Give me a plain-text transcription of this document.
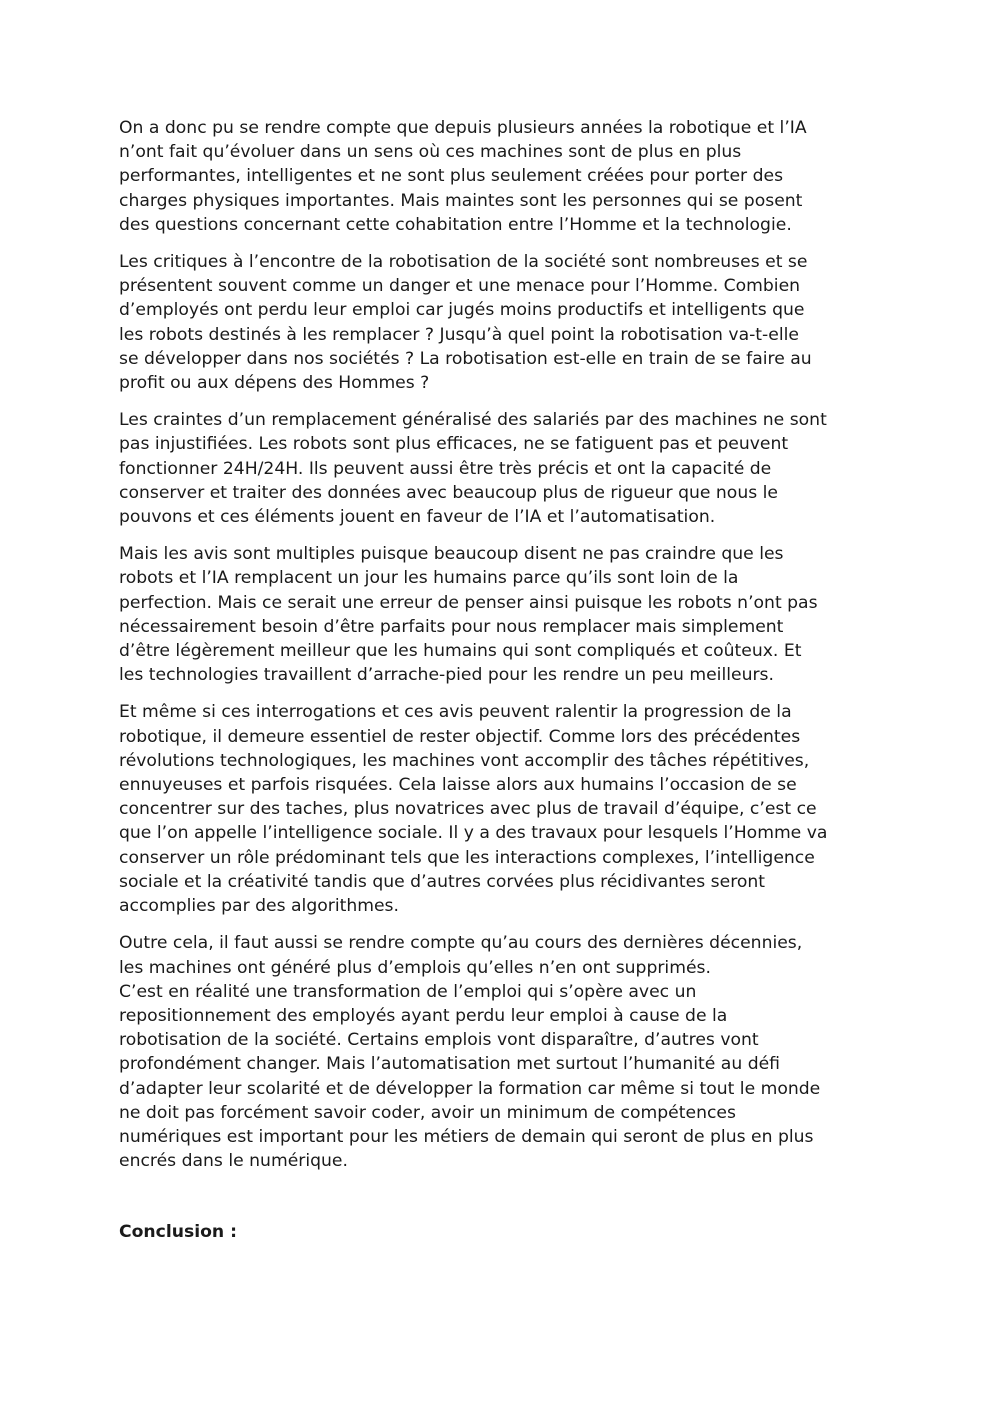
On a donc pu se rendre compte que depuis plusieurs années la robotique et l’IA
n’ont fait qu’évoluer dans un sens où ces machines sont de plus en plus
performantes, intelligentes et ne sont plus seulement créées pour porter des
charges physiques importantes. Mais maintes sont les personnes qui se posent
des questions concernant cette cohabitation entre l’Homme et la technologie.

Les critiques à l’encontre de la robotisation de la société sont nombreuses et se
présentent souvent comme un danger et une menace pour l’Homme. Combien
d’employés ont perdu leur emploi car jugés moins productifs et intelligents que
les robots destinés à les remplacer ? Jusqu’à quel point la robotisation va-t-elle
se développer dans nos sociétés ? La robotisation est-elle en train de se faire au
profit ou aux dépens des Hommes ?

Les craintes d’un remplacement généralisé des salariés par des machines ne sont
pas injustifiées. Les robots sont plus efficaces, ne se fatiguent pas et peuvent
fonctionner 24H/24H. Ils peuvent aussi être très précis et ont la capacité de
conserver et traiter des données avec beaucoup plus de rigueur que nous le
pouvons et ces éléments jouent en faveur de l’IA et l’automatisation.

Mais les avis sont multiples puisque beaucoup disent ne pas craindre que les
robots et l’IA remplacent un jour les humains parce qu’ils sont loin de la
perfection. Mais ce serait une erreur de penser ainsi puisque les robots n’ont pas
nécessairement besoin d’être parfaits pour nous remplacer mais simplement
d’être légèrement meilleur que les humains qui sont compliqués et coûteux. Et
les technologies travaillent d’arrache-pied pour les rendre un peu meilleurs.

Et même si ces interrogations et ces avis peuvent ralentir la progression de la
robotique, il demeure essentiel de rester objectif. Comme lors des précédentes
révolutions technologiques, les machines vont accomplir des tâches répétitives,
ennuyeuses et parfois risquées. Cela laisse alors aux humains l’occasion de se
concentrer sur des taches, plus novatrices avec plus de travail d’équipe, c’est ce
que l’on appelle l’intelligence sociale. Il y a des travaux pour lesquels l’Homme va
conserver un rôle prédominant tels que les interactions complexes, l’intelligence
sociale et la créativité tandis que d’autres corvées plus récidivantes seront
accomplies par des algorithmes.

Outre cela, il faut aussi se rendre compte qu’au cours des dernières décennies,
les machines ont généré plus d’emplois qu’elles n’en ont supprimés.
C’est en réalité une transformation de l’emploi qui s’opère avec un
repositionnement des employés ayant perdu leur emploi à cause de la
robotisation de la société. Certains emplois vont disparaître, d’autres vont
profondément changer. Mais l’automatisation met surtout l’humanité au défi
d’adapter leur scolarité et de développer la formation car même si tout le monde
ne doit pas forcément savoir coder, avoir un minimum de compétences
numériques est important pour les métiers de demain qui seront de plus en plus
encrés dans le numérique.

Conclusion :
